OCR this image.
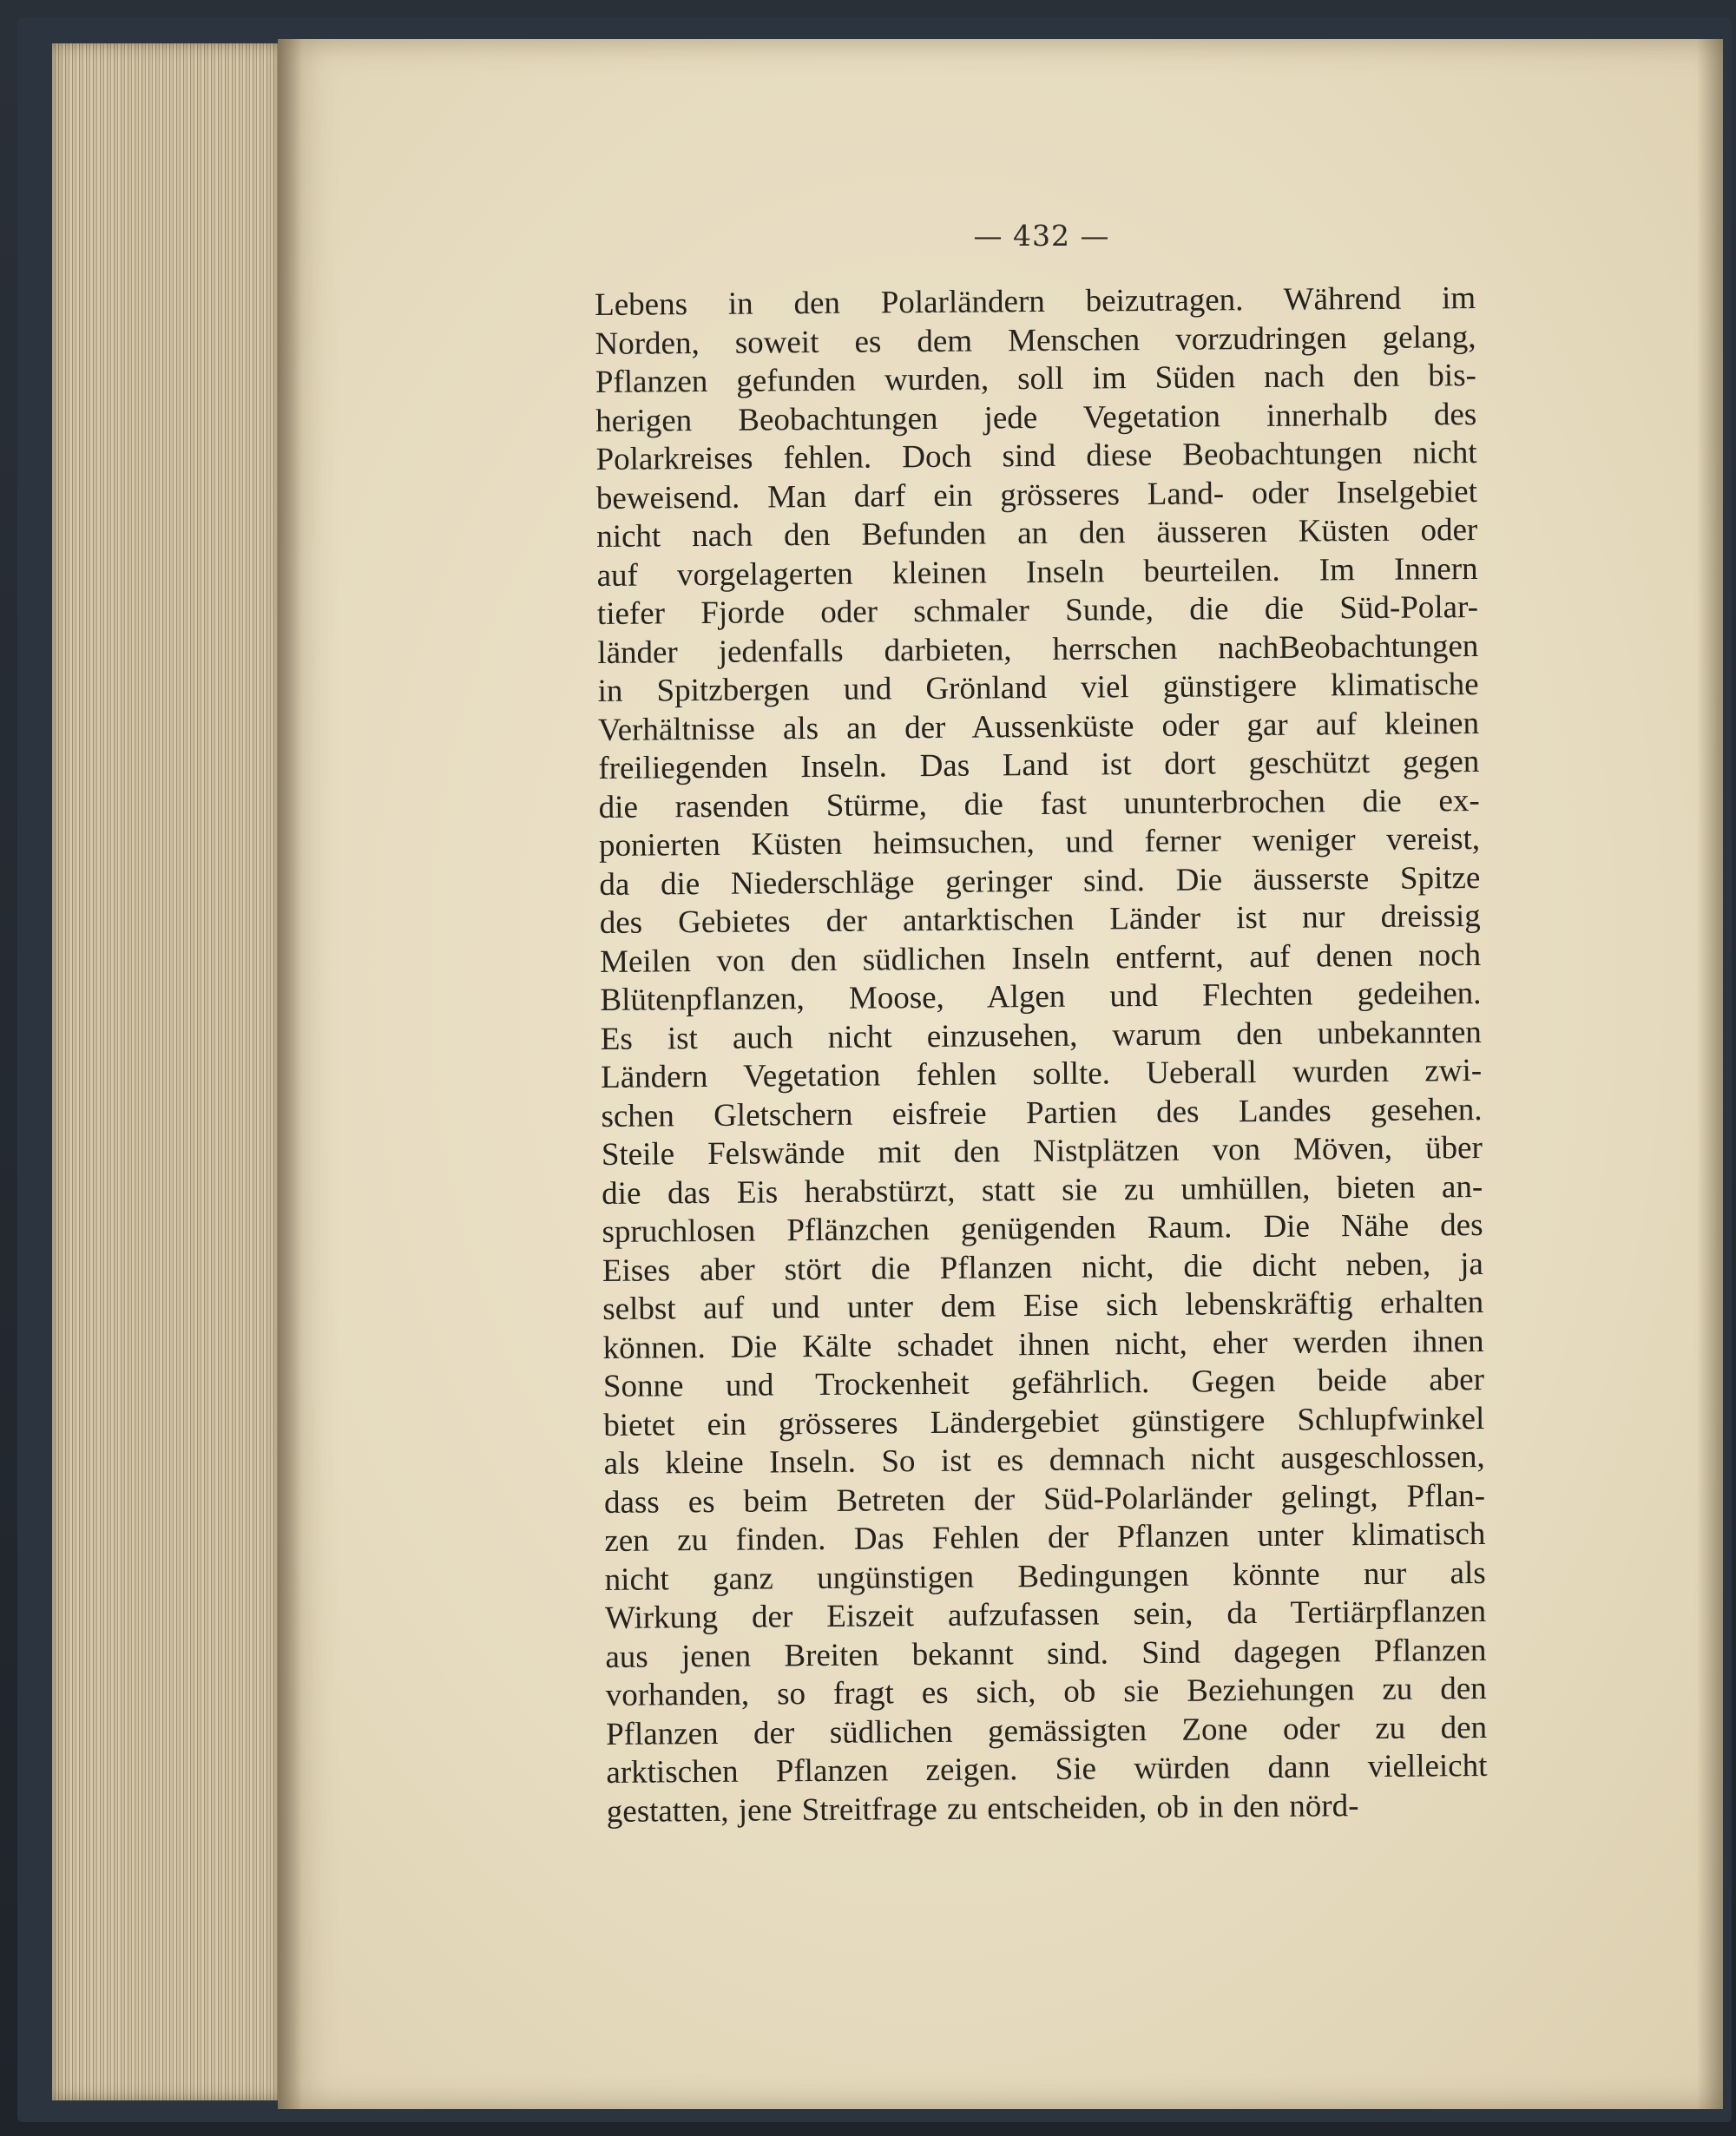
— 432 —
Lebens in den Polarländern beizutragen. Während im
Norden, soweit es dem Menschen vorzudringen gelang,
Pflanzen gefunden wurden, soll im Süden nach den bis-
herigen Beobachtungen jede Vegetation innerhalb des
Polarkreises fehlen. Doch sind diese Beobachtungen nicht
beweisend. Man darf ein grösseres Land- oder Inselgebiet
nicht nach den Befunden an den äusseren Küsten oder
auf vorgelagerten kleinen Inseln beurteilen. Im Innern
tiefer Fjorde oder schmaler Sunde, die die Süd-Polar-
länder jedenfalls darbieten, herrschen nachBeobachtungen
in Spitzbergen und Grönland viel günstigere klimatische
Verhältnisse als an der Aussenküste oder gar auf kleinen
freiliegenden Inseln. Das Land ist dort geschützt gegen
die rasenden Stürme, die fast ununterbrochen die ex-
ponierten Küsten heimsuchen, und ferner weniger vereist,
da die Niederschläge geringer sind. Die äusserste Spitze
des Gebietes der antarktischen Länder ist nur dreissig
Meilen von den südlichen Inseln entfernt, auf denen noch
Blütenpflanzen, Moose, Algen und Flechten gedeihen.
Es ist auch nicht einzusehen, warum den unbekannten
Ländern Vegetation fehlen sollte. Ueberall wurden zwi-
schen Gletschern eisfreie Partien des Landes gesehen.
Steile Felswände mit den Nistplätzen von Möven, über
die das Eis herabstürzt, statt sie zu umhüllen, bieten an-
spruchlosen Pflänzchen genügenden Raum. Die Nähe des
Eises aber stört die Pflanzen nicht, die dicht neben, ja
selbst auf und unter dem Eise sich lebenskräftig erhalten
können. Die Kälte schadet ihnen nicht, eher werden ihnen
Sonne und Trockenheit gefährlich. Gegen beide aber
bietet ein grösseres Ländergebiet günstigere Schlupfwinkel
als kleine Inseln. So ist es demnach nicht ausgeschlossen,
dass es beim Betreten der Süd-Polarländer gelingt, Pflan-
zen zu finden. Das Fehlen der Pflanzen unter klimatisch
nicht ganz ungünstigen Bedingungen könnte nur als
Wirkung der Eiszeit aufzufassen sein, da Tertiärpflanzen
aus jenen Breiten bekannt sind. Sind dagegen Pflanzen
vorhanden, so fragt es sich, ob sie Beziehungen zu den
Pflanzen der südlichen gemässigten Zone oder zu den
arktischen Pflanzen zeigen. Sie würden dann vielleicht
gestatten, jene Streitfrage zu entscheiden, ob in den nörd-
